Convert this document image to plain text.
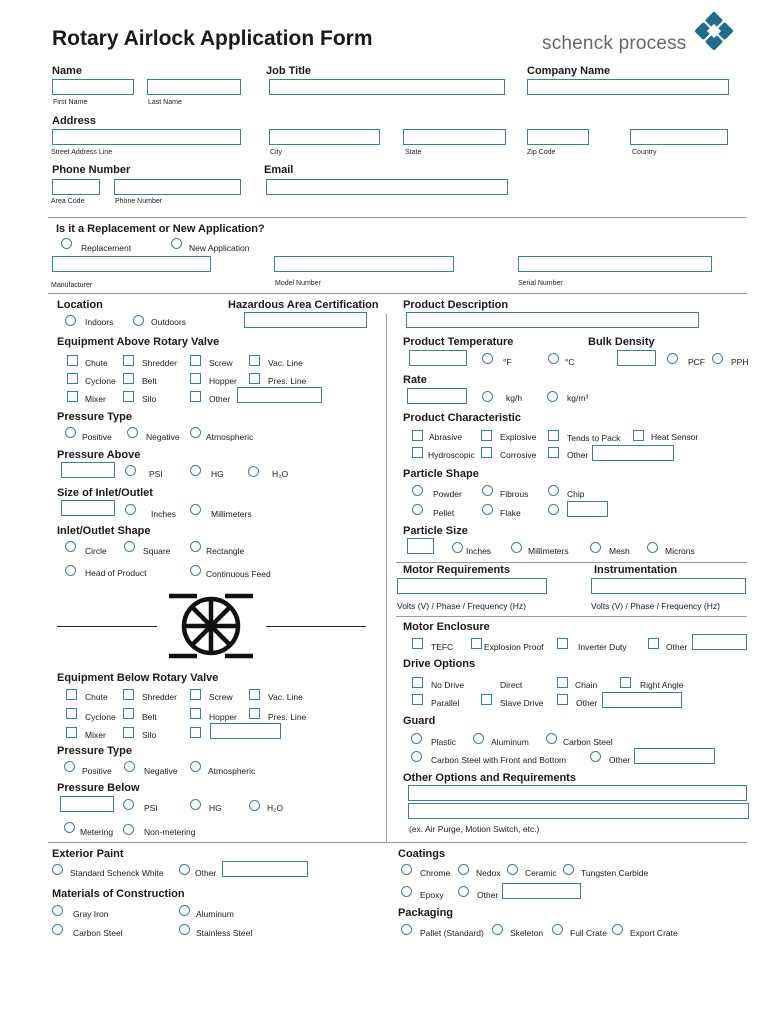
Rotary Airlock Application Form	schenck process
Name	Job Title	Company Name
First Name	Last Name
Address
Street Address Line	City	State	Zip Code	Country
Phone Number	Email
Area Code	Phone Number
Is it a Replacement or New Application?
Replacement	New Application
Manufacturer	Model Number	Serial Number
Location	Hazardous Area Certification
Indoors	Outdoors
Equipment Above Rotary Valve
Chute	Shredder	Screw	Vac. Line
Cyclone	Belt	Hopper	Pres. Line
Mixer	Silo	Other
Pressure Type
Positive	Negative	Atmospheric
Pressure Above
PSI	HG	H₂O
Size of Inlet/Outlet
Inches	Millimeters
Inlet/Outlet Shape
Circle	Square	Rectangle
Head of Product	Continuous Feed
Equipment Below Rotary Valve
Chute	Shredder	Screw	Vac. Line
Cyclone	Belt	Hopper	Pres. Line
Mixer	Silo
Pressure Type
Positive	Negative	Atmospheric
Pressure Below
PSI	HG	H₂O
Metering	Non-metering
Product Description
Product Temperature	Bulk Density
°F	°C	PCF	PPH
Rate
kg/h	kg/m³
Product Characteristic
Abrasive	Explosive	Tends to Pack	Heat Sensor
Hydroscopic	Corrosive	Other
Particle Shape
Powder	Fibrous	Chip
Pellet	Flake
Particle Size
Inches	Millimeters	Mesh	Microns
Motor Requirements	Instrumentation
Volts (V) / Phase / Frequency (Hz)	Volts (V) / Phase / Frequency (Hz)
Motor Enclosure
TEFC	Explosion Proof	Inverter Duty	Other
Drive Options
No Drive	Direct	Chain	Right Angle
Parallel	Slave Drive	Other
Guard
Plastic	Aluminum	Carbon Steel
Carbon Steel with Front and Bottom	Other
Other Options and Requirements
(ex. Air Purge, Motion Switch, etc.)
Exterior Paint
Standard Schenck White	Other
Materials of Construction
Gray Iron	Aluminum
Carbon Steel	Stainless Steel
Coatings
Chrome	Nedox	Ceramic	Tungsten Carbide
Epoxy	Other
Packaging
Pallet (Standard)	Skeleton	Full Crate	Export Crate
